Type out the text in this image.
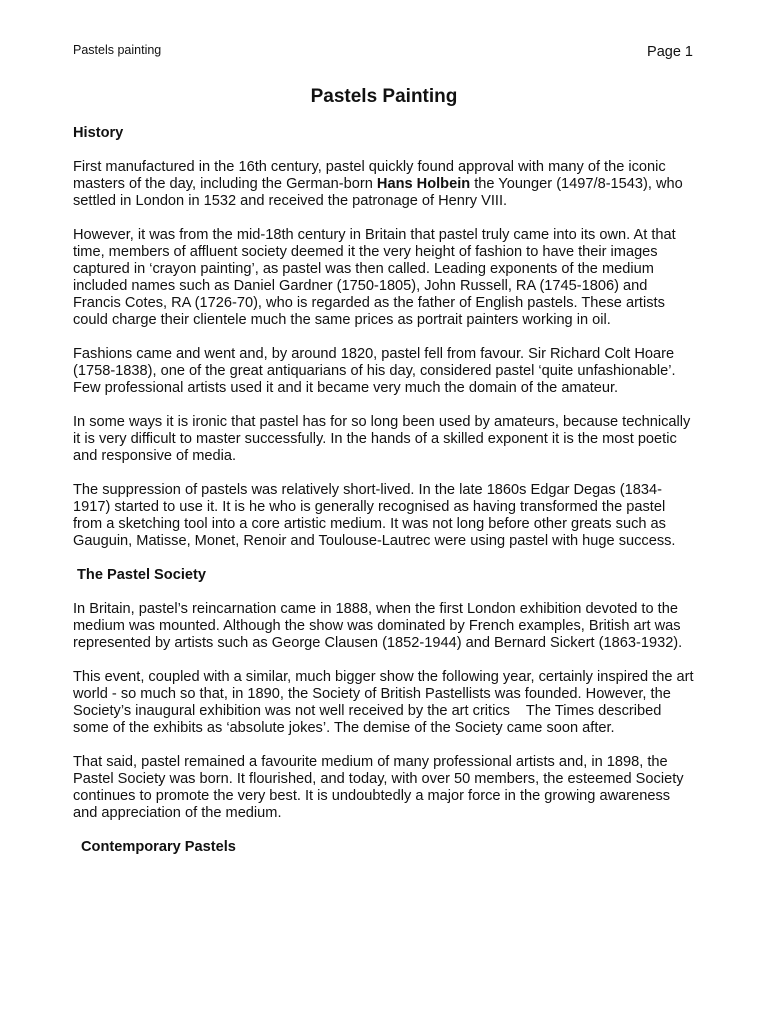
Pastels painting	Page 1
Pastels Painting
History

First manufactured in the 16th century, pastel quickly found approval with many of the iconic masters of the day, including the German-born Hans Holbein the Younger (1497/8-1543), who settled in London in 1532 and received the patronage of Henry VIII.

However, it was from the mid-18th century in Britain that pastel truly came into its own. At that time, members of affluent society deemed it the very height of fashion to have their images captured in ‘crayon painting’, as pastel was then called. Leading exponents of the medium included names such as Daniel Gardner (1750-1805), John Russell, RA (1745-1806) and Francis Cotes, RA (1726-70), who is regarded as the father of English pastels. These artists could charge their clientele much the same prices as portrait painters working in oil.

Fashions came and went and, by around 1820, pastel fell from favour. Sir Richard Colt Hoare (1758-1838), one of the great antiquarians of his day, considered pastel ‘quite unfashionable’. Few professional artists used it and it became very much the domain of the amateur.

In some ways it is ironic that pastel has for so long been used by amateurs, because technically it is very difficult to master successfully. In the hands of a skilled exponent it is the most poetic and responsive of media.

The suppression of pastels was relatively short-lived. In the late 1860s Edgar Degas (1834-1917) started to use it. It is he who is generally recognised as having transformed the pastel from a sketching tool into a core artistic medium. It was not long before other greats such as Gauguin, Matisse, Monet, Renoir and Toulouse-Lautrec were using pastel with huge success.

The Pastel Society

In Britain, pastel’s reincarnation came in 1888, when the first London exhibition devoted to the medium was mounted. Although the show was dominated by French examples, British art was represented by artists such as George Clausen (1852-1944) and Bernard Sickert (1863-1932).

This event, coupled with a similar, much bigger show the following year, certainly inspired the art world - so much so that, in 1890, the Society of British Pastellists was founded. However, the Society’s inaugural exhibition was not well received by the art critics    The Times described some of the exhibits as ‘absolute jokes’. The demise of the Society came soon after.

That said, pastel remained a favourite medium of many professional artists and, in 1898, the Pastel Society was born. It flourished, and today, with over 50 members, the esteemed Society continues to promote the very best. It is undoubtedly a major force in the growing awareness and appreciation of the medium.

Contemporary Pastels
